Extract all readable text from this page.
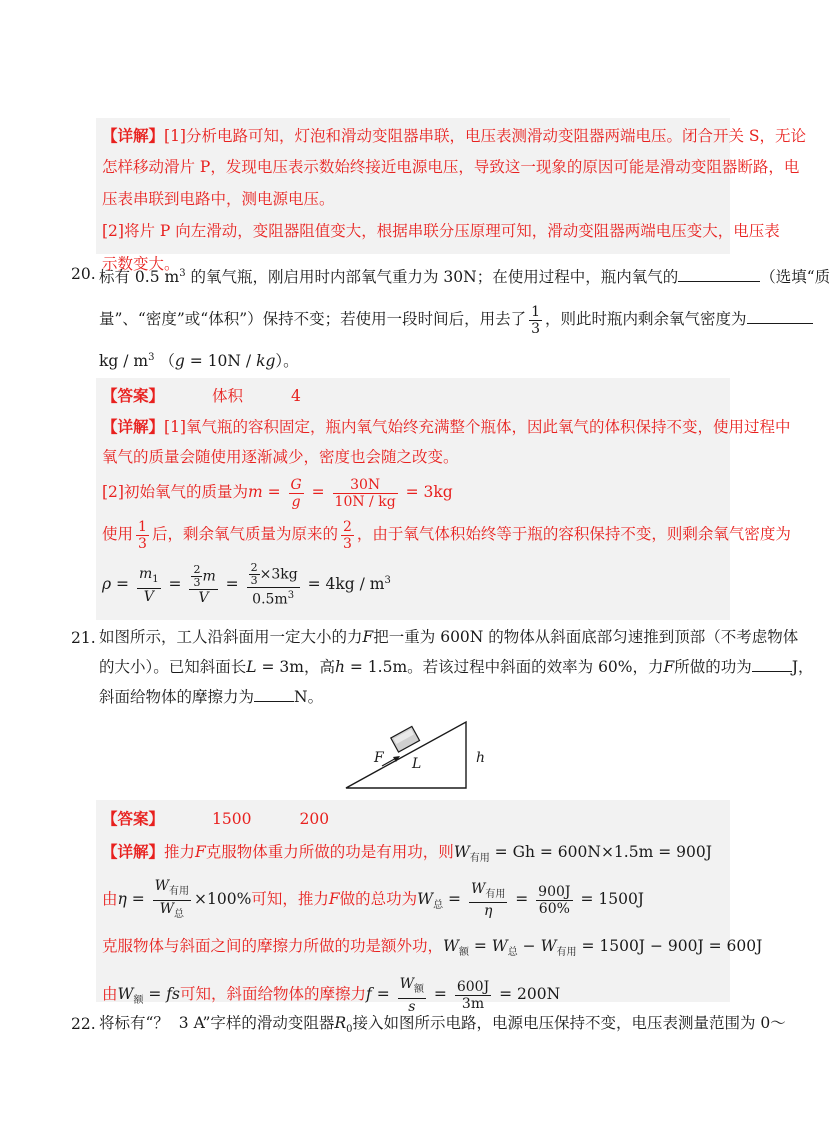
【详解】[1]分析电路可知，灯泡和滑动变阻器串联，电压表测滑动变阻器两端电压。闭合开关 S，无论

怎样移动滑片 P，发现电压表示数始终接近电源电压，导致这一现象的原因可能是滑动变阻器断路，电

压表串联到电路中，测电源电压。

[2]将片 P 向左滑动，变阻器阻值变大，根据串联分压原理可知，滑动变阻器两端电压变大，电压表

示数变大。

20. 标有 0.5 $m^3$ 的氧气瓶，刚启用时内部氧气重力为 30N；在使用过程中，瓶内氧气的	（选填“质

量”、“密度”或“体积”）保持不变；若使用一段时间后，用去了 $\frac{1}{3}$ ，则此时瓶内剩余氧气密度为

kg / $m^3$ （g = 10N / kg）。

【答案】	体积	4

【详解】[1]氧气瓶的容积固定，瓶内氧气始终充满整个瓶体，因此氧气的体积保持不变，使用过程中

氧气的质量会随使用逐渐减少，密度也会随之改变。

[2]初始氧气的质量为$m = \frac{G}{g} = \frac{30N}{10N / kg} = 3kg$

使用 $\frac{1}{3}$ 后，剩余氧气质量为原来的 $\frac{2}{3}$ ，由于氧气体积始终等于瓶的容积保持不变，则剩余氧气密度为

$\rho = \frac{m_1}{V} = \frac{\frac{2}{3} m}{V} = \frac{\frac{2}{3} \times 3kg}{0.5m^3} = 4kg / m^3$

21. 如图所示，工人沿斜面用一定大小的力F把一重为 600N 的物体从斜面底部匀速推到顶部（不考虑物体

的大小）。已知斜面长L = 3m，高h = 1.5m。若该过程中斜面的效率为 60%，力F所做的功为	J，

斜面给物体的摩擦力为	N。

F L	h

【答案】	1500	200

【详解】推力F克服物体重力所做的功是有用功，则$W_{有用} = Gh = 600N\times 1.5m = 900J$

由$\eta = \frac{W_{有用}}{W_总} \times 100\%$可知，推力F做的总功为$W_总 = \frac{W_{有用}}{\eta} = \frac{900J}{60\%} = 1500J$

克服物体与斜面之间的摩擦力所做的功是额外功，$W_额 = W_总 - W_{有用} = 1500J - 900J = 600J$

由$W_额$ = fs可知，斜面给物体的摩擦力$f = \frac{W_额}{s} = \frac{600J}{3m} = 200N$

22. 将标有“？ 3 A”字样的滑动变阻器$R_0$接入如图所示电路，电源电压保持不变，电压表测量范围为 0～
